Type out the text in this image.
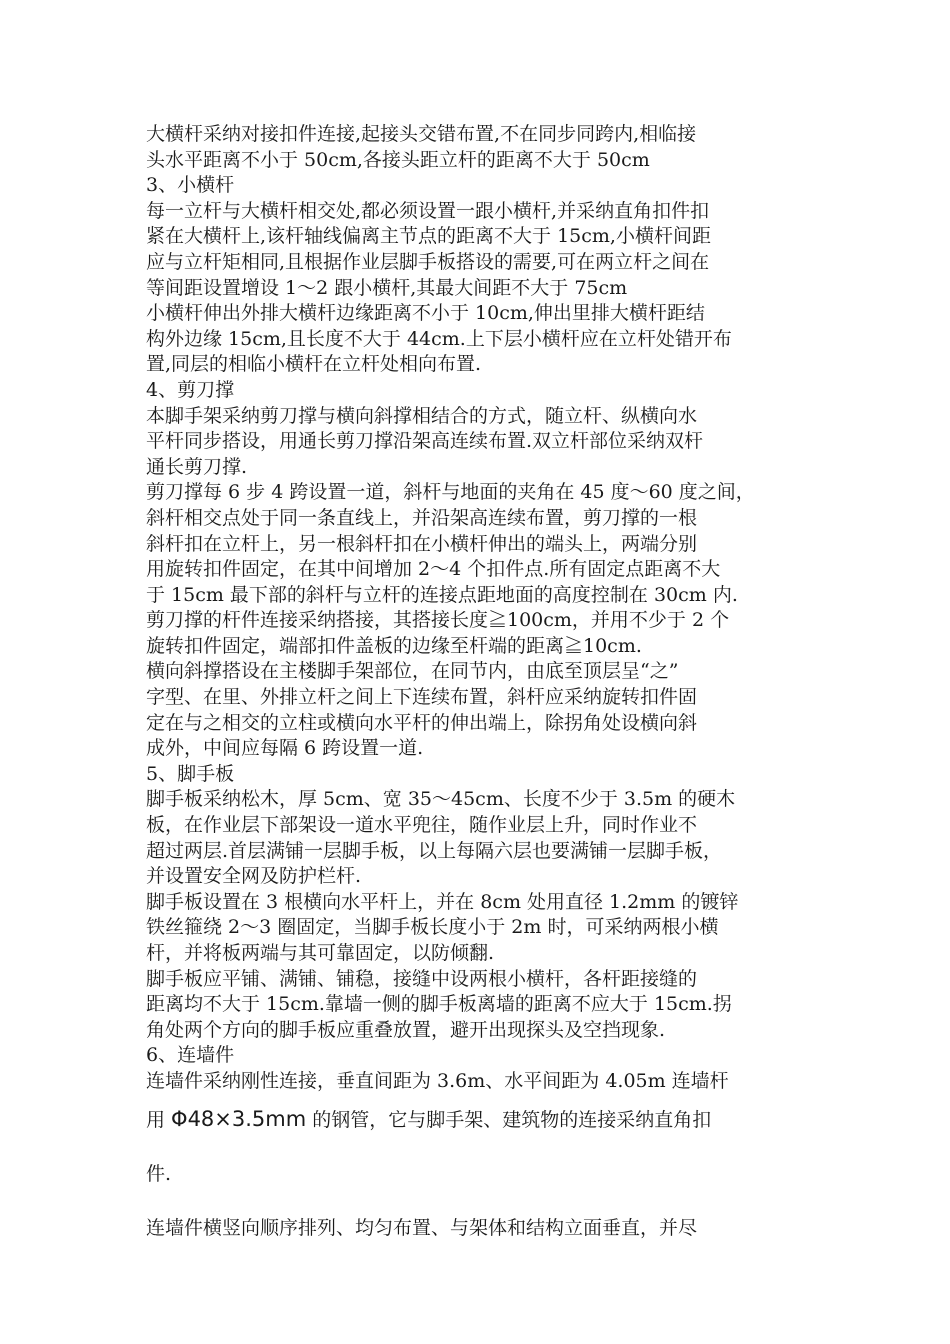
大横杆采纳对接扣件连接,起接头交错布置,不在同步同跨内,相临接
头水平距离不小于 50cm,各接头距立杆的距离不大于 50cm
3、小横杆
每一立杆与大横杆相交处,都必须设置一跟小横杆,并采纳直角扣件扣
紧在大横杆上,该杆轴线偏离主节点的距离不大于 15cm,小横杆间距
应与立杆矩相同,且根据作业层脚手板搭设的需要,可在两立杆之间在
等间距设置增设 1～2 跟小横杆,其最大间距不大于 75cm
小横杆伸出外排大横杆边缘距离不小于 10cm,伸出里排大横杆距结
构外边缘 15cm,且长度不大于 44cm.上下层小横杆应在立杆处错开布
置,同层的相临小横杆在立杆处相向布置.
4、剪刀撑
本脚手架采纳剪刀撑与横向斜撑相结合的方式，随立杆、纵横向水
平杆同步搭设，用通长剪刀撑沿架高连续布置.双立杆部位采纳双杆
通长剪刀撑.
剪刀撑每 6 步 4 跨设置一道，斜杆与地面的夹角在 45 度～60 度之间，
斜杆相交点处于同一条直线上，并沿架高连续布置，剪刀撑的一根
斜杆扣在立杆上，另一根斜杆扣在小横杆伸出的端头上，两端分别
用旋转扣件固定，在其中间增加 2～4 个扣件点.所有固定点距离不大
于 15cm 最下部的斜杆与立杆的连接点距地面的高度控制在 30cm 内.
剪刀撑的杆件连接采纳搭接，其搭接长度≧100cm，并用不少于 2 个
旋转扣件固定，端部扣件盖板的边缘至杆端的距离≧10cm.
横向斜撑搭设在主楼脚手架部位，在同节内，由底至顶层呈“之”
字型、在里、外排立杆之间上下连续布置，斜杆应采纳旋转扣件固
定在与之相交的立柱或横向水平杆的伸出端上，除拐角处设横向斜
成外，中间应每隔 6 跨设置一道.
5、脚手板
脚手板采纳松木，厚 5cm、宽 35～45cm、长度不少于 3.5m 的硬木
板，在作业层下部架设一道水平兜往，随作业层上升，同时作业不
超过两层.首层满铺一层脚手板，以上每隔六层也要满铺一层脚手板，
并设置安全网及防护栏杆.
脚手板设置在 3 根横向水平杆上，并在 8cm 处用直径 1.2mm 的镀锌
铁丝箍绕 2～3 圈固定，当脚手板长度小于 2m 时，可采纳两根小横
杆，并将板两端与其可靠固定，以防倾翻.
脚手板应平铺、满铺、铺稳，接缝中设两根小横杆，各杆距接缝的
距离均不大于 15cm.靠墙一侧的脚手板离墙的距离不应大于 15cm.拐
角处两个方向的脚手板应重叠放置，避开出现探头及空挡现象.
6、连墙件
连墙件采纳刚性连接，垂直间距为 3.6m、水平间距为 4.05m 连墙杆
用 Φ48×3.5mm 的钢管，它与脚手架、建筑物的连接采纳直角扣
件.
连墙件横竖向顺序排列、均匀布置、与架体和结构立面垂直，并尽
